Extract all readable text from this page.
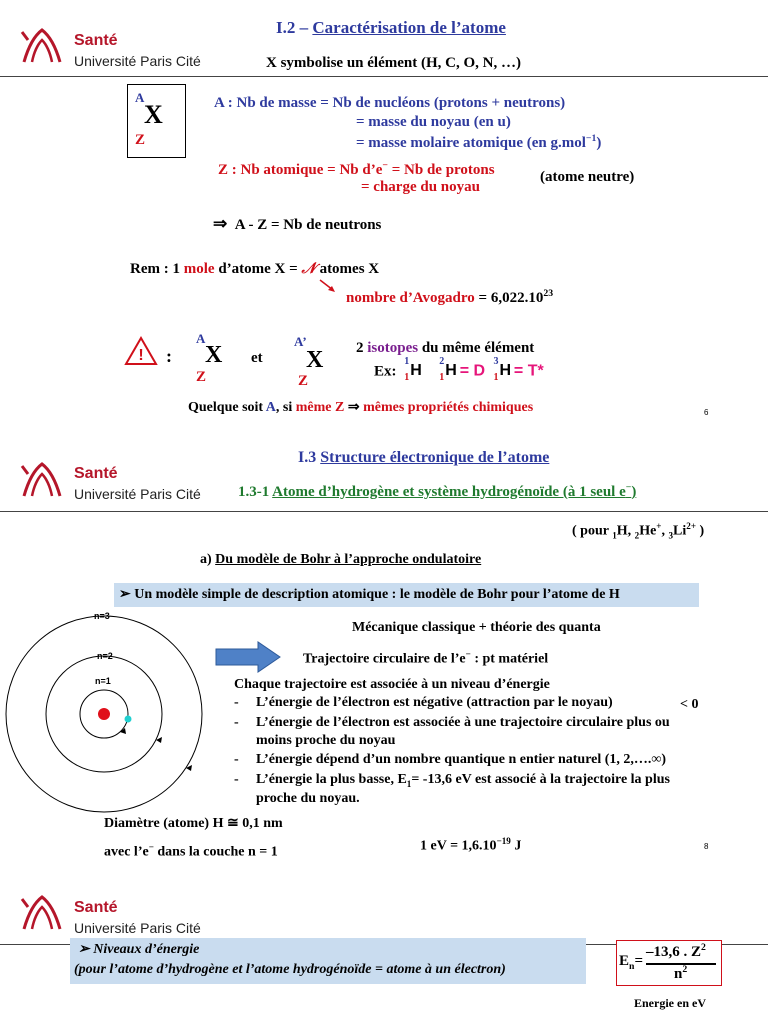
Santé
Université Paris Cité
I.2 – Caractérisation de l’atome
X symbolise un élément (H, C, O, N, …)
A
X
Z
A : Nb de masse = Nb de nucléons (protons + neutrons)
= masse du noyau (en u)
= masse molaire atomique (en g.mol$^{-1}$)
Z : Nb atomique = Nb d’e− = Nb de protons
= charge du noyau
(atome neutre)
⇒ A - Z = Nb de neutrons
Rem : 1 mole d’atome X = 𝒩 atomes X
nombre d’Avogadro = $6,022.10^{23}$
! :
A
X
Z
et
A’
X
Z
2 isotopes du même élément
Ex:
1
1 H

2
1 H
= D
3
1 H
= T*
Quelque soit A, si même Z ⇒ mêmes propriétés chimiques	6
Santé
Université Paris Cité
I.3 Structure électronique de l’atome
1.3-1 Atome d’hydrogène et système hydrogénoïde (à 1 seul e−)
( pour $_1$H, $_2$He+, $_3Li^{2+}$ )
a) Du modèle de Bohr à l’approche ondulatoire
➢ Un modèle simple de description atomique : le modèle de Bohr pour l’atome de H
n=3
n=2
n=1
Mécanique classique + théorie des quanta
Trajectoire circulaire de l’e− : pt matériel
Chaque trajectoire est associée à un niveau d’énergie
- L’énergie de l’électron est négative (attraction par le noyau)	< 0
- L’énergie de l’électron est associée à une trajectoire circulaire plus ou
moins proche du noyau
- L’énergie dépend d’un nombre quantique n entier naturel (1, 2,….∞)
- L’énergie la plus basse, $E_1= -13,6$ eV est associé à la trajectoire la plus
proche du noyau.
Diamètre (atome) H ≅ 0,1 nm
avec l’e− dans la couche n = 1	1 eV = $1,6.10^{-19}$ J	8
Santé
Université Paris Cité
➢ Niveaux d’énergie
(pour l’atome d’hydrogène et l’atome hydrogénoïde = atome à un électron)
$E_n=$
–13,6 . $Z^2$
$n^2$
Energie en eV
